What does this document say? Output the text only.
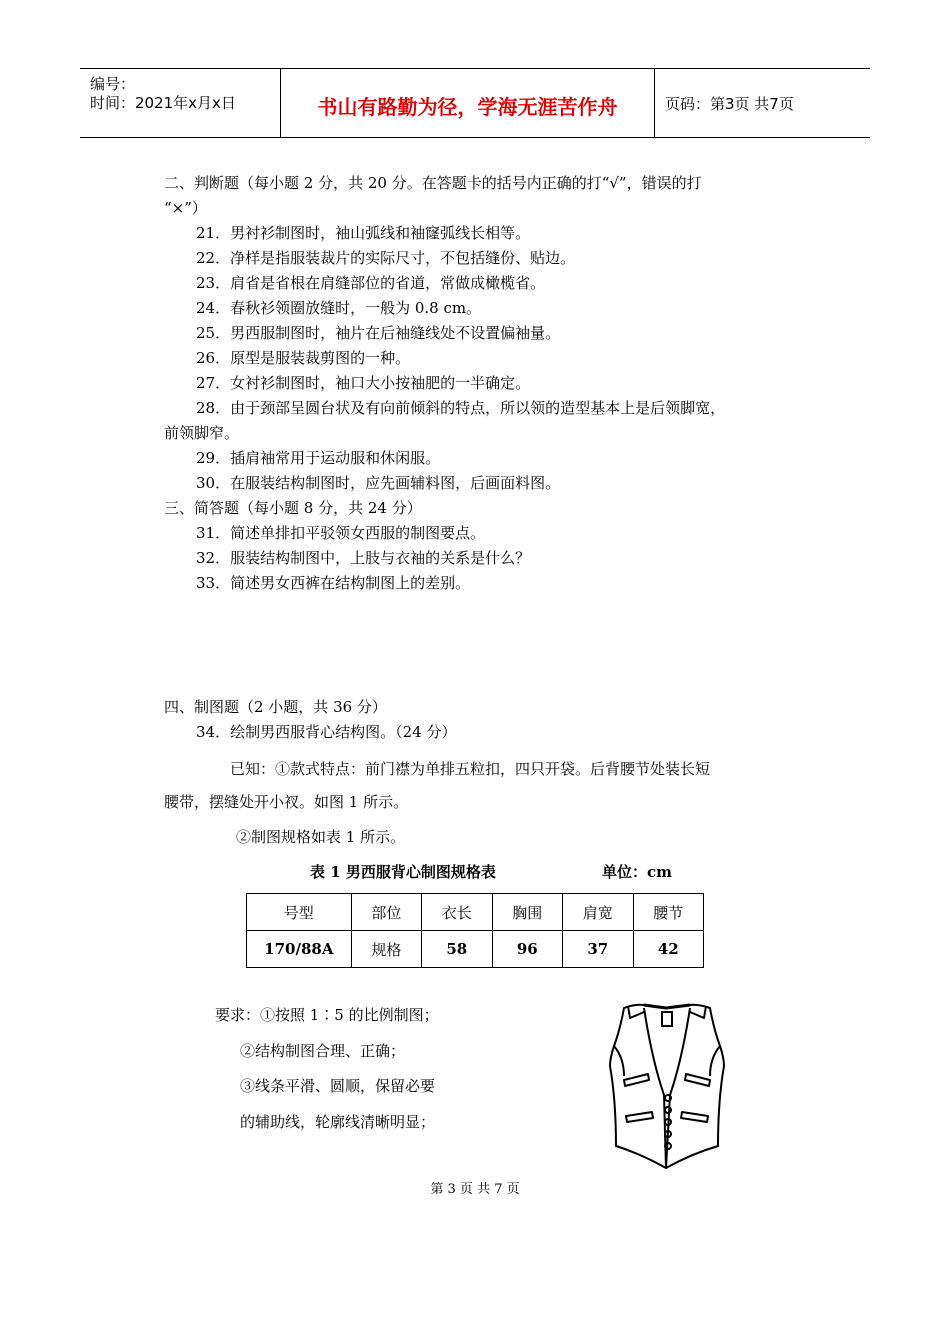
编号：
时间：2021年x月x日	书山有路勤为径，学海无涯苦作舟	页码：第3页 共7页
二、判断题（每小题 2 分，共 20 分。在答题卡的括号内正确的打“√”，错误的打
“×”）
21．男衬衫制图时，袖山弧线和袖窿弧线长相等。
22．净样是指服装裁片的实际尺寸，不包括缝份、贴边。
23．肩省是省根在肩缝部位的省道，常做成橄榄省。
24．春秋衫领圈放缝时，一般为 0.8 cm。
25．男西服制图时，袖片在后袖缝线处不设置偏袖量。
26．原型是服装裁剪图的一种。
27．女衬衫制图时，袖口大小按袖肥的一半确定。
28．由于颈部呈圆台状及有向前倾斜的特点，所以领的造型基本上是后领脚宽，
前领脚窄。
29．插肩袖常用于运动服和休闲服。
30．在服装结构制图时，应先画辅料图，后画面料图。
三、简答题（每小题 8 分，共 24 分）
31．简述单排扣平驳领女西服的制图要点。
32．服装结构制图中，上肢与衣袖的关系是什么？
33．简述男女西裤在结构制图上的差别。
四、制图题（2 小题，共 36 分）
34．绘制男西服背心结构图。（24 分）
已知：①款式特点：前门襟为单排五粒扣，四只开袋。后背腰节处装长短
腰带，摆缝处开小衩。如图 1 所示。
②制图规格如表 1 所示。
表 1 男西服背心制图规格表	单位：cm
号型	部位	衣长	胸围	肩宽	腰节
170/88A	规格	58	96	37	42
要求：①按照 1∶5 的比例制图；
②结构制图合理、正确；
③线条平滑、圆顺，保留必要
的辅助线，轮廓线清晰明显；
第 3 页 共 7 页
